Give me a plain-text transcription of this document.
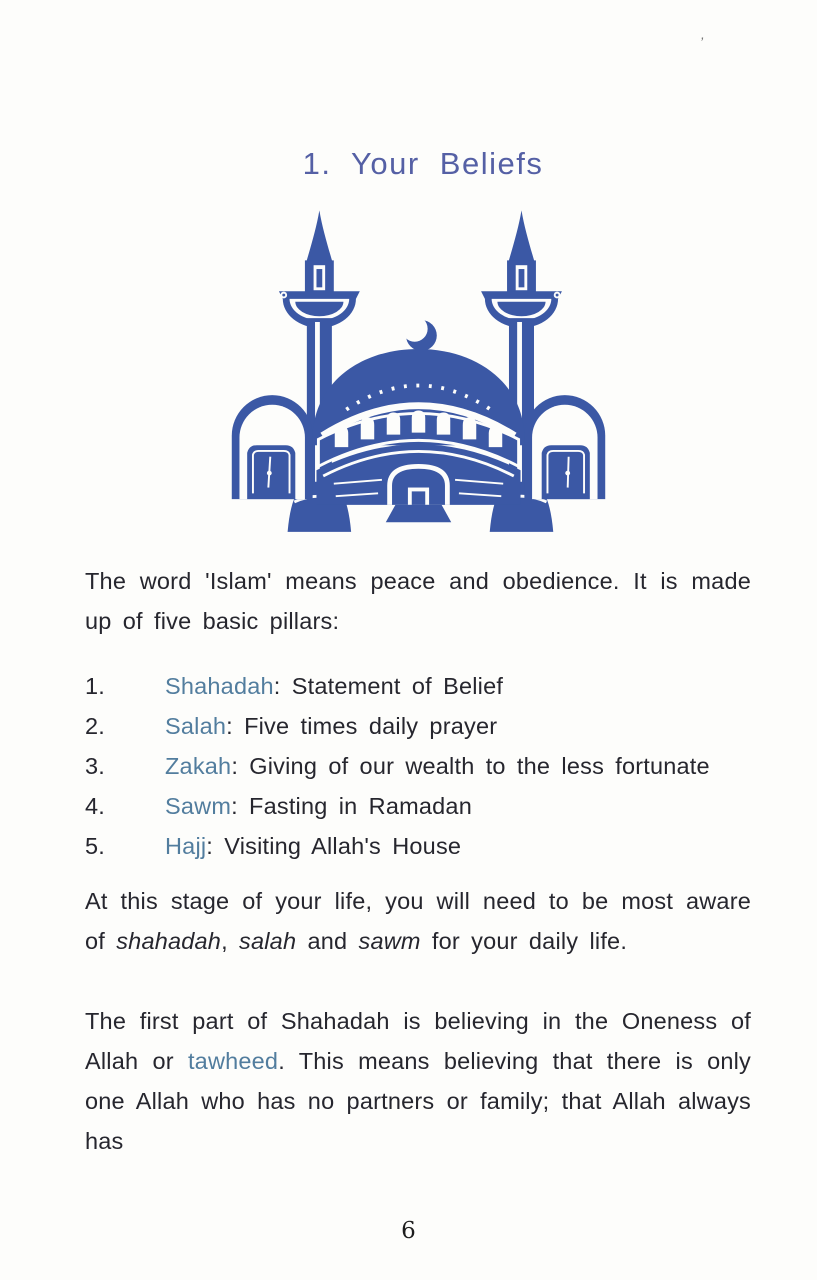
’
1. Your Beliefs

The word 'Islam' means peace and obedience. It is made up of five basic pillars:

1.	Shahadah: Statement of Belief
2.	Salah: Five times daily prayer
3.	Zakah: Giving of our wealth to the less fortunate
4.	Sawm: Fasting in Ramadan
5.	Hajj: Visiting Allah's House

At this stage of your life, you will need to be most aware of shahadah, salah and sawm for your daily life.

The first part of Shahadah is believing in the Oneness of Allah or tawheed. This means believing that there is only one Allah who has no partners or family; that Allah always has

6
